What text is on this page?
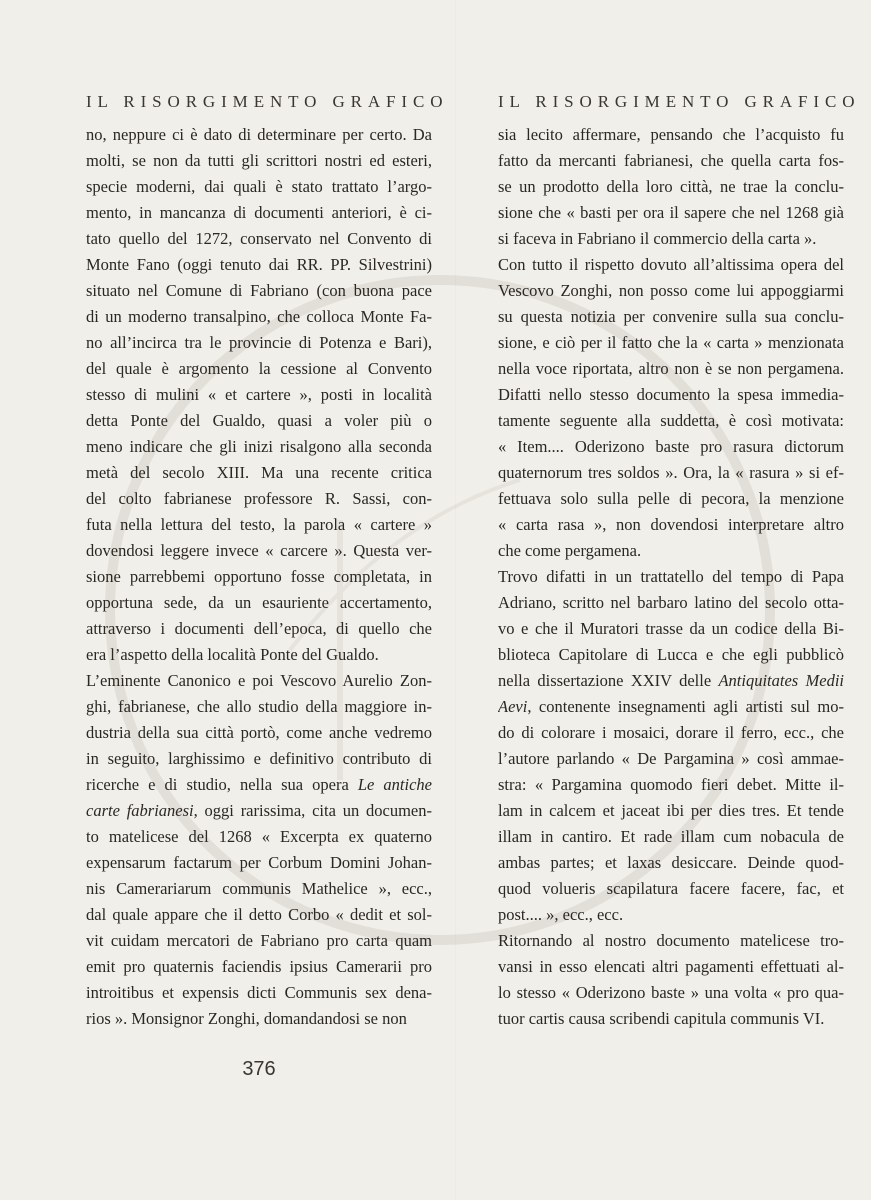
IL RISORGIMENTO GRAFICO
no, neppure ci è dato di determinare per certo. Da
molti, se non da tutti gli scrittori nostri ed esteri,
specie moderni, dai quali è stato trattato l’argo-
mento, in mancanza di documenti anteriori, è ci-
tato quello del 1272, conservato nel Convento di
Monte Fano (oggi tenuto dai RR. PP. Silvestrini)
situato nel Comune di Fabriano (con buona pace
di un moderno transalpino, che colloca Monte Fa-
no all’incirca tra le provincie di Potenza e Bari),
del quale è argomento la cessione al Convento
stesso di mulini « et cartere », posti in località
detta Ponte del Gualdo, quasi a voler più o
meno indicare che gli inizi risalgono alla seconda
metà del secolo XIII. Ma una recente critica
del colto fabrianese professore R. Sassi, con-
futa nella lettura del testo, la parola « cartere »
dovendosi leggere invece « carcere ». Questa ver-
sione parrebbemi opportuno fosse completata, in
opportuna sede, da un esauriente accertamento,
attraverso i documenti dell’epoca, di quello che
era l’aspetto della località Ponte del Gualdo.
L’eminente Canonico e poi Vescovo Aurelio Zon-
ghi, fabrianese, che allo studio della maggiore in-
dustria della sua città portò, come anche vedremo
in seguito, larghissimo e definitivo contributo di
ricerche e di studio, nella sua opera Le antiche
carte fabrianesi, oggi rarissima, cita un documen-
to matelicese del 1268 « Excerpta ex quaterno
expensarum factarum per Corbum Domini Johan-
nis Camerariarum communis Mathelice », ecc.,
dal quale appare che il detto Corbo « dedit et sol-
vit cuidam mercatori de Fabriano pro carta quam
emit pro quaternis faciendis ipsius Camerarii pro
introitibus et expensis dicti Communis sex dena-
rios ». Monsignor Zonghi, domandandosi se non
IL RISORGIMENTO GRAFICO
sia lecito affermare, pensando che l’acquisto fu
fatto da mercanti fabrianesi, che quella carta fos-
se un prodotto della loro città, ne trae la conclu-
sione che « basti per ora il sapere che nel 1268 già
si faceva in Fabriano il commercio della carta ».
Con tutto il rispetto dovuto all’altissima opera del
Vescovo Zonghi, non posso come lui appoggiarmi
su questa notizia per convenire sulla sua conclu-
sione, e ciò per il fatto che la « carta » menzionata
nella voce riportata, altro non è se non pergamena.
Difatti nello stesso documento la spesa immedia-
tamente seguente alla suddetta, è così motivata:
« Item.... Oderizono baste pro rasura dictorum
quaternorum tres soldos ». Ora, la « rasura » si ef-
fettuava solo sulla pelle di pecora, la menzione
« carta rasa », non dovendosi interpretare altro
che come pergamena.
Trovo difatti in un trattatello del tempo di Papa
Adriano, scritto nel barbaro latino del secolo otta-
vo e che il Muratori trasse da un codice della Bi-
blioteca Capitolare di Lucca e che egli pubblicò
nella dissertazione XXIV delle Antiquitates Medii
Aevi, contenente insegnamenti agli artisti sul mo-
do di colorare i mosaici, dorare il ferro, ecc., che
l’autore parlando « De Pargamina » così ammae-
stra: « Pargamina quomodo fieri debet. Mitte il-
lam in calcem et jaceat ibi per dies tres. Et tende
illam in cantiro. Et rade illam cum nobacula de
ambas partes; et laxas desiccare. Deinde quod-
quod volueris scapilatura facere facere, fac, et
post.... », ecc., ecc.
Ritornando al nostro documento matelicese tro-
vansi in esso elencati altri pagamenti effettuati al-
lo stesso « Oderizono baste » una volta « pro qua-
tuor cartis causa scribendi capitula communis VI.
376
